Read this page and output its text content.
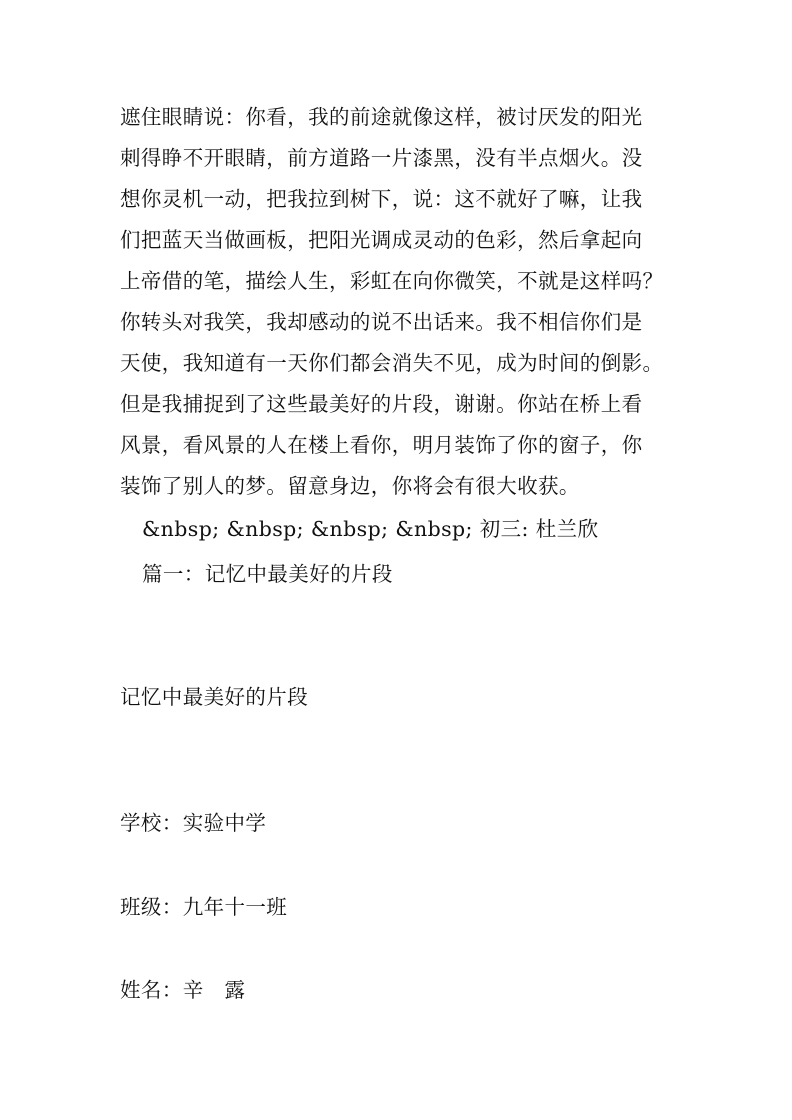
遮住眼睛说：你看，我的前途就像这样，被讨厌发的阳光
刺得睁不开眼睛，前方道路一片漆黑，没有半点烟火。没
想你灵机一动，把我拉到树下，说：这不就好了嘛，让我
们把蓝天当做画板，把阳光调成灵动的色彩，然后拿起向
上帝借的笔，描绘人生，彩虹在向你微笑，不就是这样吗？
你转头对我笑，我却感动的说不出话来。我不相信你们是
天使，我知道有一天你们都会消失不见，成为时间的倒影。
但是我捕捉到了这些最美好的片段，谢谢。你站在桥上看
风景，看风景的人在楼上看你，明月装饰了你的窗子，你
装饰了别人的梦。留意身边，你将会有很大收获。
&nbsp; &nbsp; &nbsp; &nbsp; 初三: 杜兰欣
篇一：记忆中最美好的片段
记忆中最美好的片段
学校：实验中学
班级：九年十一班
姓名：辛　露
